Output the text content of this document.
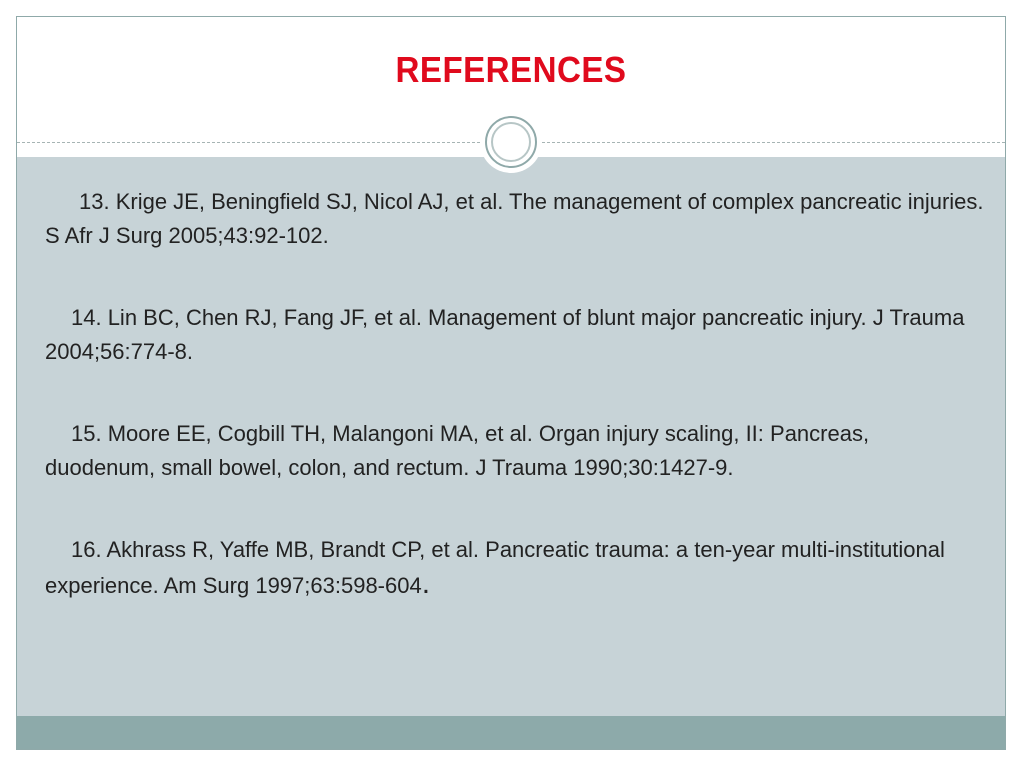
REFERENCES

13. Krige JE, Beningfield SJ, Nicol AJ, et al. The management of complex pancreatic injuries. S Afr J Surg 2005;43:92-102.

14. Lin BC, Chen RJ, Fang JF, et al. Management of blunt major pancreatic injury. J Trauma 2004;56:774-8.

15. Moore EE, Cogbill TH, Malangoni MA, et al. Organ injury scaling, II: Pancreas, duodenum, small bowel, colon, and rectum. J Trauma 1990;30:1427-9.

16. Akhrass R, Yaffe MB, Brandt CP, et al. Pancreatic trauma: a ten-year multi-institutional experience. Am Surg 1997;63:598-604.
